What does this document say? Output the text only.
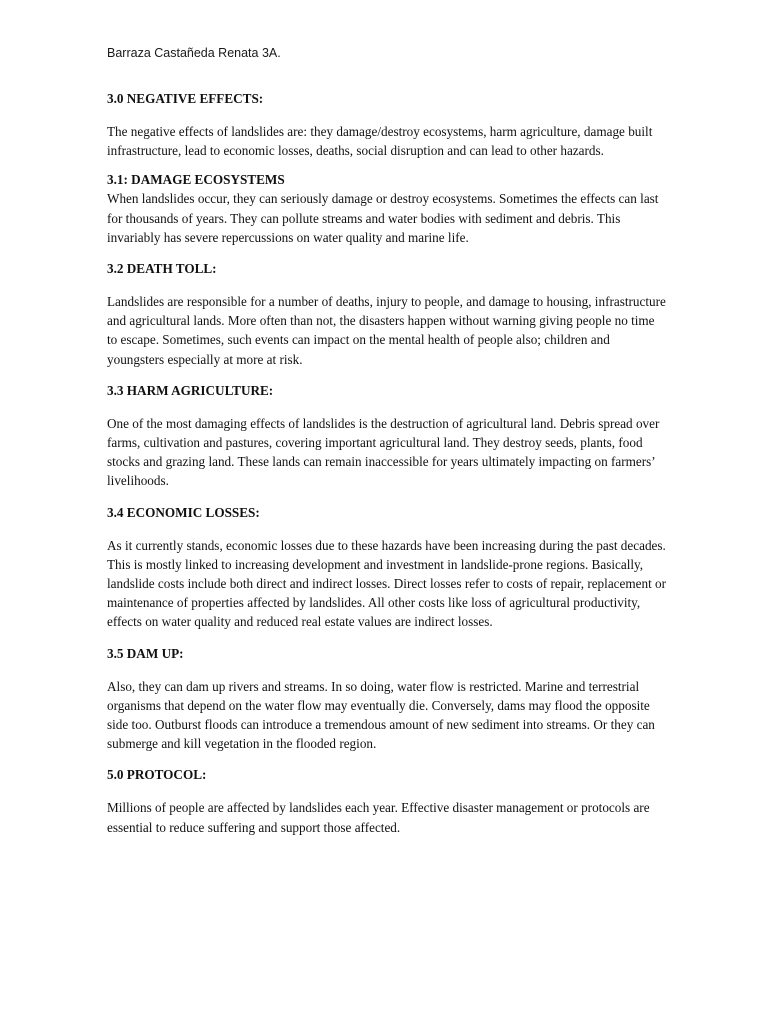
Barraza Castañeda Renata 3A.

3.0 NEGATIVE EFFECTS:

The negative effects of landslides are: they damage/destroy ecosystems, harm agriculture, damage built infrastructure, lead to economic losses, deaths, social disruption and can lead to other hazards.

3.1: DAMAGE ECOSYSTEMS

When landslides occur, they can seriously damage or destroy ecosystems. Sometimes the effects can last for thousands of years. They can pollute streams and water bodies with sediment and debris. This invariably has severe repercussions on water quality and marine life.

3.2 DEATH TOLL:

Landslides are responsible for a number of deaths, injury to people, and damage to housing, infrastructure and agricultural lands. More often than not, the disasters happen without warning giving people no time to escape. Sometimes, such events can impact on the mental health of people also; children and youngsters especially at more at risk.

3.3 HARM AGRICULTURE:

One of the most damaging effects of landslides is the destruction of agricultural land. Debris spread over farms, cultivation and pastures, covering important agricultural land. They destroy seeds, plants, food stocks and grazing land. These lands can remain inaccessible for years ultimately impacting on farmers’ livelihoods.

3.4 ECONOMIC LOSSES:

As it currently stands, economic losses due to these hazards have been increasing during the past decades. This is mostly linked to increasing development and investment in landslide-prone regions. Basically, landslide costs include both direct and indirect losses. Direct losses refer to costs of repair, replacement or maintenance of properties affected by landslides. All other costs like loss of agricultural productivity, effects on water quality and reduced real estate values are indirect losses.

3.5 DAM UP:

Also, they can dam up rivers and streams. In so doing, water flow is restricted. Marine and terrestrial organisms that depend on the water flow may eventually die. Conversely, dams may flood the opposite side too. Outburst floods can introduce a tremendous amount of new sediment into streams. Or they can submerge and kill vegetation in the flooded region.

5.0 PROTOCOL:

Millions of people are affected by landslides each year. Effective disaster management or protocols are essential to reduce suffering and support those affected.
